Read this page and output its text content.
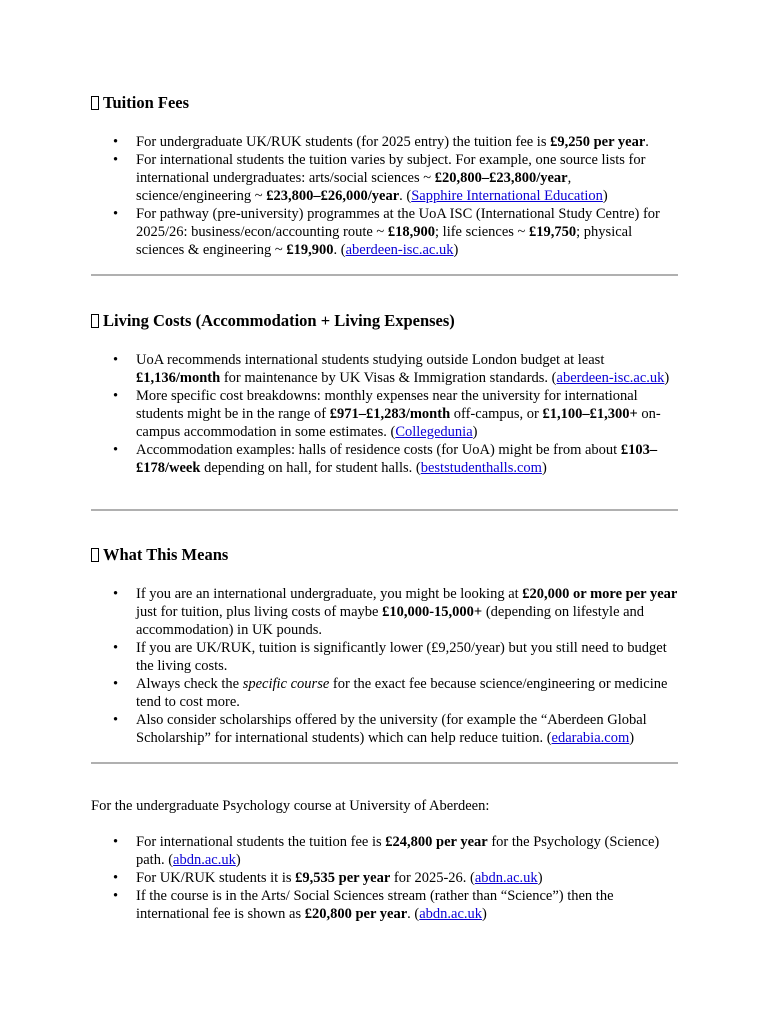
Tuition Fees
• For undergraduate UK/RUK students (for 2025 entry) the tuition fee is £9,250 per year.
• For international students the tuition varies by subject. For example, one source lists for international undergraduates: arts/social sciences ~ £20,800–£23,800/year, science/engineering ~ £23,800–£26,000/year. (Sapphire International Education)
• For pathway (pre-university) programmes at the UoA ISC (International Study Centre) for 2025/26: business/econ/accounting route ~ £18,900; life sciences ~ £19,750; physical sciences & engineering ~ £19,900. (aberdeen-isc.ac.uk)
Living Costs (Accommodation + Living Expenses)
• UoA recommends international students studying outside London budget at least £1,136/month for maintenance by UK Visas & Immigration standards. (aberdeen-isc.ac.uk)
• More specific cost breakdowns: monthly expenses near the university for international students might be in the range of £971–£1,283/month off-campus, or £1,100–£1,300+ on-campus accommodation in some estimates. (Collegedunia)
• Accommodation examples: halls of residence costs (for UoA) might be from about £103–£178/week depending on hall, for student halls. (beststudenthalls.com)
What This Means
• If you are an international undergraduate, you might be looking at £20,000 or more per year just for tuition, plus living costs of maybe £10,000-15,000+ (depending on lifestyle and accommodation) in UK pounds.
• If you are UK/RUK, tuition is significantly lower (£9,250/year) but you still need to budget the living costs.
• Always check the specific course for the exact fee because science/engineering or medicine tend to cost more.
• Also consider scholarships offered by the university (for example the “Aberdeen Global Scholarship” for international students) which can help reduce tuition. (edarabia.com)

For the undergraduate Psychology course at University of Aberdeen:

• For international students the tuition fee is £24,800 per year for the Psychology (Science) path. (abdn.ac.uk)
• For UK/RUK students it is £9,535 per year for 2025-26. (abdn.ac.uk)
• If the course is in the Arts/ Social Sciences stream (rather than “Science”) then the international fee is shown as £20,800 per year. (abdn.ac.uk)
